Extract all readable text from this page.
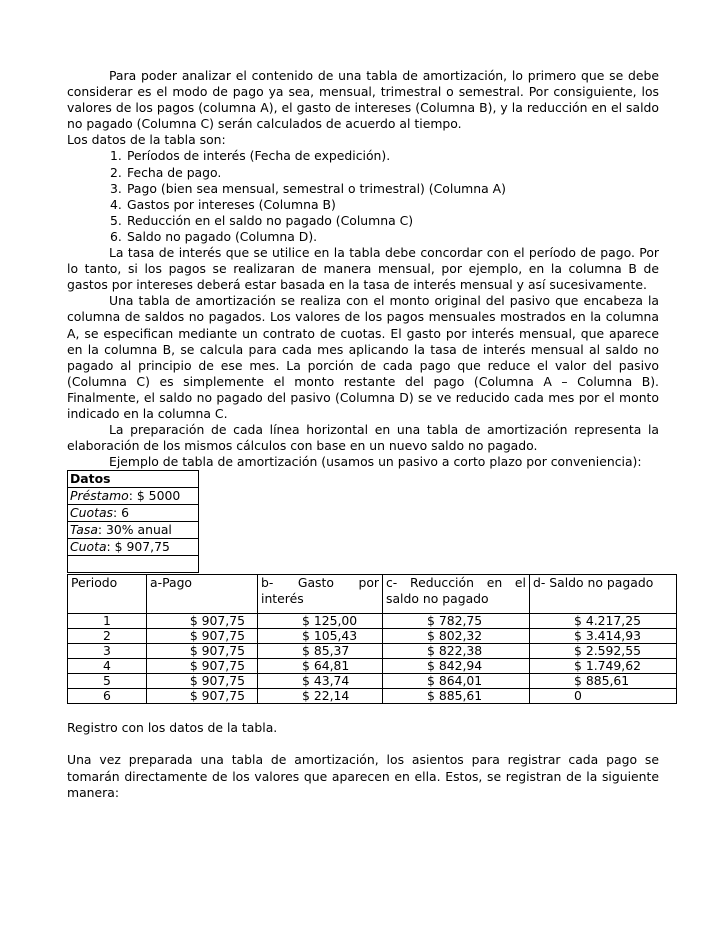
Para poder analizar el contenido de una tabla de amortización, lo primero que se debe considerar es el modo de pago ya sea, mensual, trimestral o semestral. Por consiguiente, los valores de los pagos (columna A), el gasto de intereses (Columna B), y la reducción en el saldo no pagado (Columna C) serán calculados de acuerdo al tiempo.

Los datos de la tabla son:

1. Períodos de interés (Fecha de expedición).
2. Fecha de pago.
3. Pago (bien sea mensual, semestral o trimestral) (Columna A)
4. Gastos por intereses (Columna B)
5. Reducción en el saldo no pagado (Columna C)
6. Saldo no pagado (Columna D).

La tasa de interés que se utilice en la tabla debe concordar con el período de pago. Por lo tanto, si los pagos se realizaran de manera mensual, por ejemplo, en la columna B de gastos por intereses deberá estar basada en la tasa de interés mensual y así sucesivamente.

Una tabla de amortización se realiza con el monto original del pasivo que encabeza la columna de saldos no pagados. Los valores de los pagos mensuales mostrados en la columna A, se especifican mediante un contrato de cuotas. El gasto por interés mensual, que aparece en la columna B, se calcula para cada mes aplicando la tasa de interés mensual al saldo no pagado al principio de ese mes. La porción de cada pago que reduce el valor del pasivo (Columna C) es simplemente el monto restante del pago (Columna A – Columna B). Finalmente, el saldo no pagado del pasivo (Columna D) se ve reducido cada mes por el monto indicado en la columna C.

La preparación de cada línea horizontal en una tabla de amortización representa la elaboración de los mismos cálculos con base en un nuevo saldo no pagado.

Ejemplo de tabla de amortización (usamos un pasivo a corto plazo por conveniencia):

Datos
Préstamo: $ 5000
Cuotas: 6
Tasa: 30% anual
Cuota: $ 907,75

Periodo	a-Pago	b- Gasto por interés	c- Reducción en el saldo no pagado	d- Saldo no pagado
1	$ 907,75	$ 125,00	$ 782,75	$ 4.217,25
2	$ 907,75	$ 105,43	$ 802,32	$ 3.414,93
3	$ 907,75	$ 85,37	$ 822,38	$ 2.592,55
4	$ 907,75	$ 64,81	$ 842,94	$ 1.749,62
5	$ 907,75	$ 43,74	$ 864,01	$ 885,61
6	$ 907,75	$ 22,14	$ 885,61	0

Registro con los datos de la tabla.

Una vez preparada una tabla de amortización, los asientos para registrar cada pago se tomarán directamente de los valores que aparecen en ella. Estos, se registran de la siguiente manera:
